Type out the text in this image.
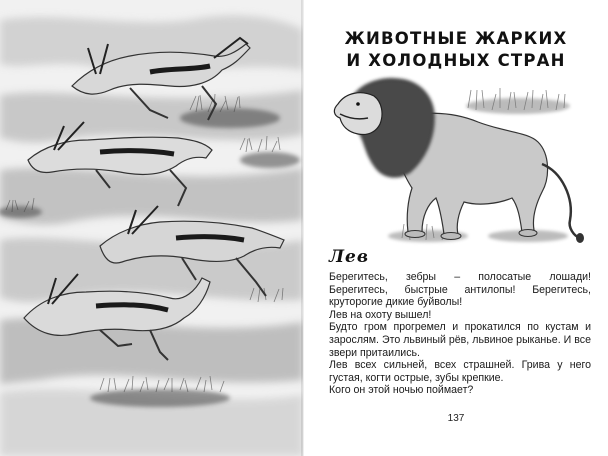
ЖИВОТНЫЕ ЖАРКИХ
И ХОЛОДНЫХ СТРАН
Лев

Берегитесь, зебры – полосатые лошади! Берегитесь, быстрые антилопы! Берегитесь, круторогие дикие буйволы!

Лев на охоту вышел!

Будто гром прогремел и прокатился по кустам и зарослям. Это львиный рёв, львиное рыканье. И все звери притаились.

Лев всех сильней, всех страшней. Грива у него густая, когти острые, зубы крепкие.

Кого он этой ночью поймает?

137
